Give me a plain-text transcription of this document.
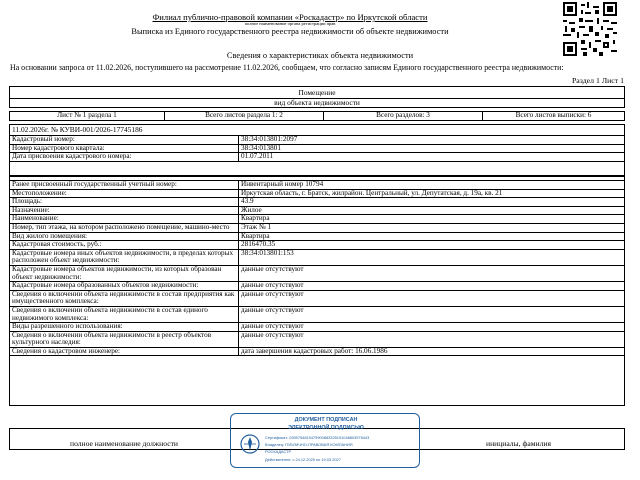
Филиал публично-правовой компании «Роскадастр» по Иркутской области
полное наименование органа регистрации прав
Выписка из Единого государственного реестра недвижимости об объекте недвижимости
Сведения о характеристиках объекта недвижимости
На основании запроса от 11.02.2026, поступившего на рассмотрение 11.02.2026, сообщаем, что согласно записям Единого государственного реестра недвижимости:
Раздел 1 Лист 1
Помещение
вид объекта недвижимости
Лист № 1 раздела 1	Всего листов раздела 1: 2	Всего разделов: 3	Всего листов выписки: 6
11.02.2026г. № КУВИ-001/2026-17745186
Кадастровый номер:	38:34:013801:2097
Номер кадастрового квартала:	38:34:013801
Дата присвоения кадастрового номера:	01.07.2011
Ранее присвоенный государственный учетный номер:	Инвентарный номер 10794
Местоположение:	Иркутская область, г. Братск, жилрайон. Центральный, ул. Депутатская, д. 19а, кв. 21
Площадь:	43.9
Назначение:	Жилое
Наименование:	Квартира
Номер, тип этажа, на котором расположено помещение, машино-место	Этаж № 1
Вид жилого помещения:	Квартира
Кадастровая стоимость, руб.:	2816470.35
Кадастровые номера иных объектов недвижимости, в пределах которых расположен объект недвижимости:	38:34:013801:153
Кадастровые номера объектов недвижимости, из которых образован объект недвижимости:	данные отсутствуют
Кадастровые номера образованных объектов недвижимости:	данные отсутствуют
Сведения о включении объекта недвижимости в состав предприятия как имущественного комплекса:	данные отсутствуют
Сведения о включении объекта недвижимости в состав единого недвижимого комплекса:	данные отсутствуют
Виды разрешенного использования:	данные отсутствуют
Сведения о включении объекта недвижимости в реестр объектов культурного наследия:	данные отсутствуют
Сведения о кадастровом инженере:	дата завершения кадастровых работ: 16.06.1986
полное наименование должности	инициалы, фамилия
ДОКУМЕНТ ПОДПИСАН
ЭЛЕКТРОННОЙ ПОДПИСЬЮ
Сертификат: 0399754819479900883325191048803978443
Владелец: ПУБЛИЧНО-ПРАВОВАЯ КОМПАНИЯ
РОСКАДАСТР
Действителен: с 24.12.2025 по 19.03.2027
